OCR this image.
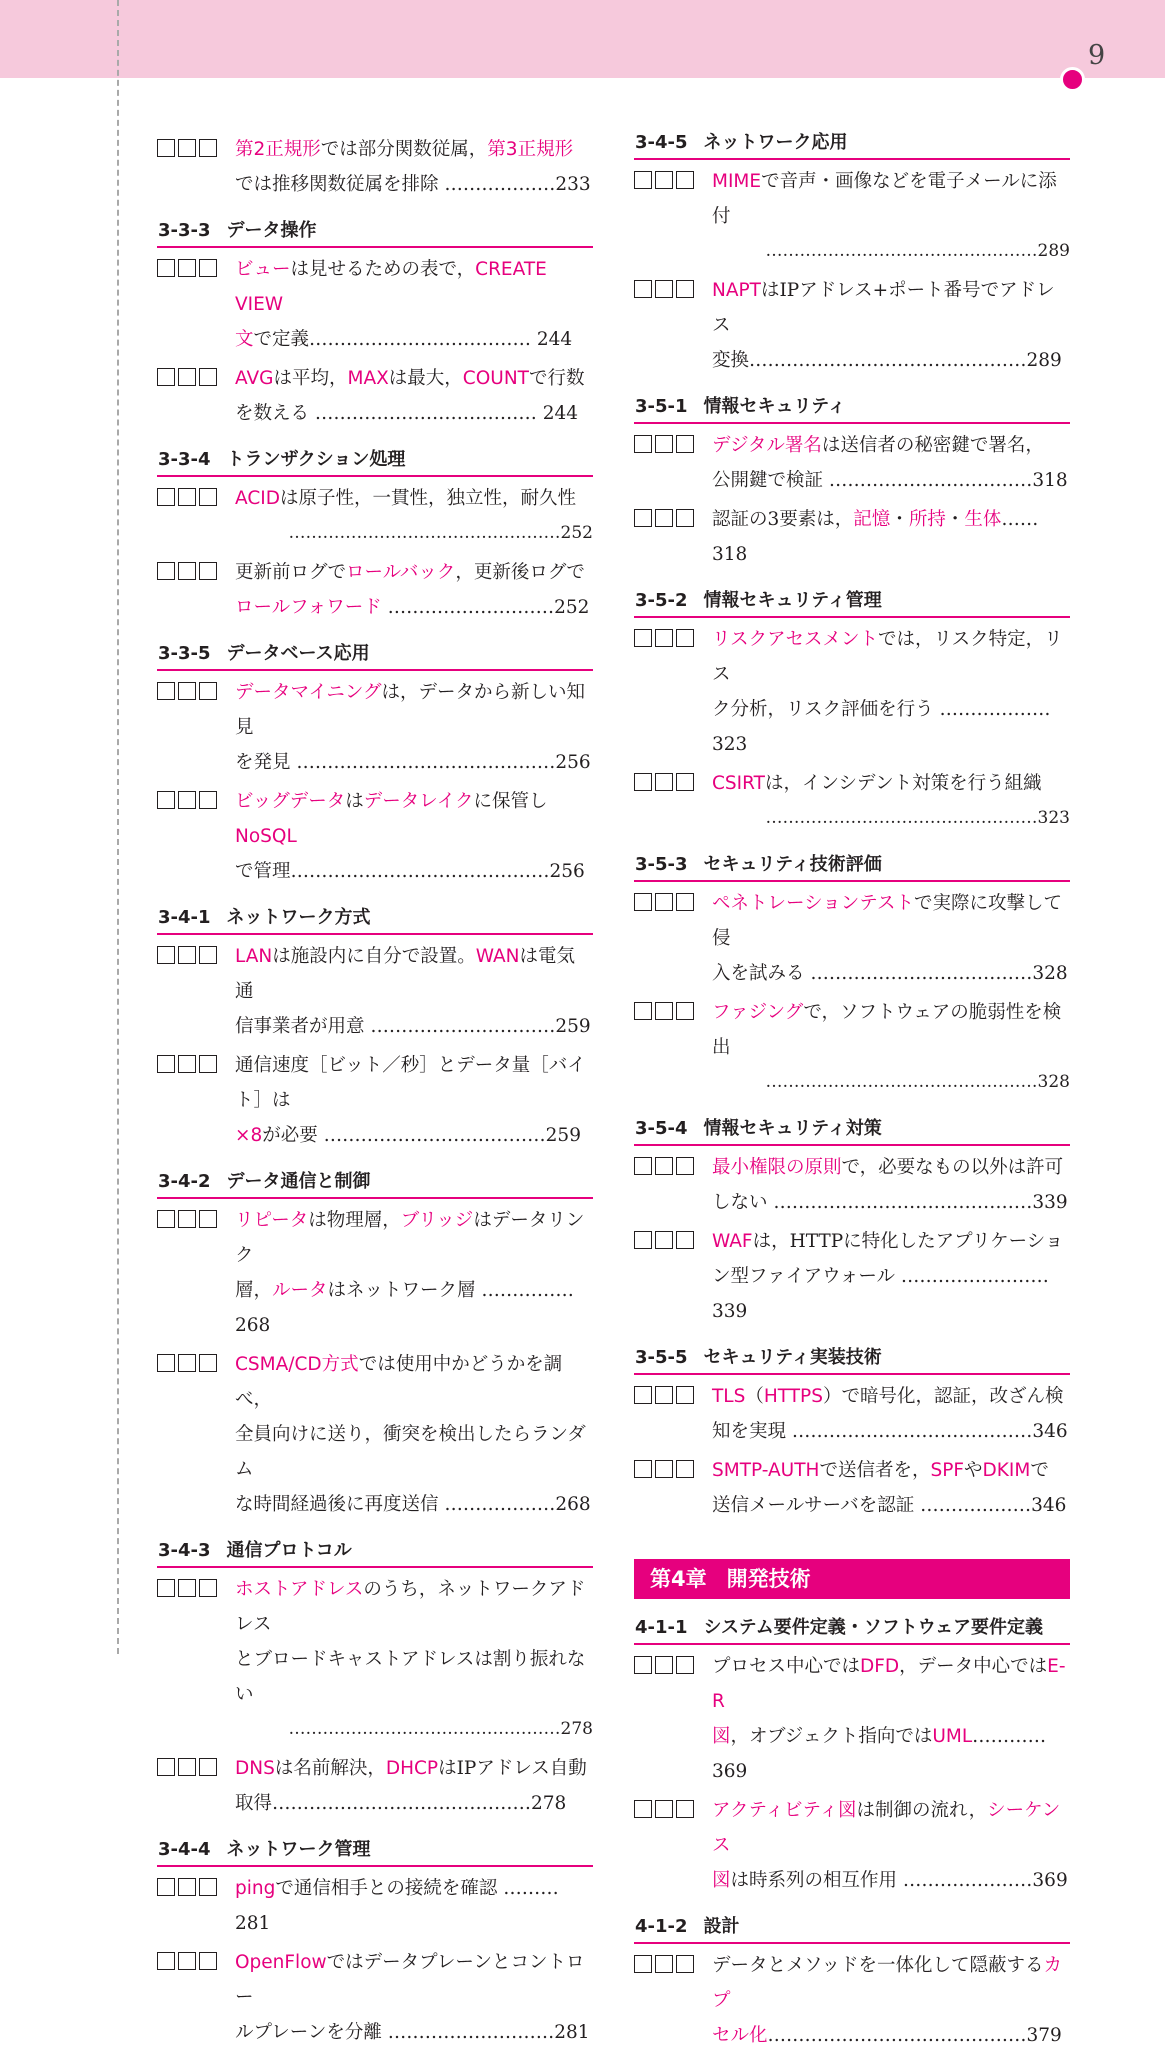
9
第2正規形では部分関数従属，第3正規形
では推移関数従属を排除 ………………233
3-3-3 データ操作
ビューは見せるための表で，CREATE VIEW
文で定義……………………………… 244
AVGは平均，MAXは最大，COUNTで行数
を数える ……………………………… 244
3-3-4 トランザクション処理
ACIDは原子性，一貫性，独立性，耐久性
…………………………………………252
更新前ログでロールバック，更新後ログで
ロールフォワード ………………………252
3-3-5 データベース応用
データマイニングは，データから新しい知見
を発見 ……………………………………256
ビッグデータはデータレイクに保管しNoSQL
で管理……………………………………256
3-4-1 ネットワーク方式
LANは施設内に自分で設置。WANは電気通
信事業者が用意 …………………………259
通信速度［ビット／秒］とデータ量［バイト］は
×8が必要 ………………………………259
3-4-2 データ通信と制御
リピータは物理層，ブリッジはデータリンク
層，ルータはネットワーク層 ……………268
CSMA/CD方式では使用中かどうかを調べ，
全員向けに送り，衝突を検出したらランダム
な時間経過後に再度送信 ………………268
3-4-3 通信プロトコル
ホストアドレスのうち，ネットワークアドレス
とブロードキャストアドレスは割り振れない
…………………………………………278
DNSは名前解決，DHCPはIPアドレス自動
取得……………………………………278
3-4-4 ネットワーク管理
pingで通信相手との接続を確認 ………281
OpenFlowではデータプレーンとコントロー
ルプレーンを分離 ………………………281
3-4-5 ネットワーク応用
MIMEで音声・画像などを電子メールに添付
…………………………………………289
NAPTはIPアドレス+ポート番号でアドレス
変換………………………………………289
3-5-1 情報セキュリティ
デジタル署名は送信者の秘密鍵で署名，
公開鍵で検証 ……………………………318
認証の3要素は，記憶・所持・生体……318
3-5-2 情報セキュリティ管理
リスクアセスメントでは，リスク特定，リス
ク分析，リスク評価を行う ………………323
CSIRTは，インシデント対策を行う組織
…………………………………………323
3-5-3 セキュリティ技術評価
ペネトレーションテストで実際に攻撃して侵
入を試みる ………………………………328
ファジングで，ソフトウェアの脆弱性を検出
…………………………………………328
3-5-4 情報セキュリティ対策
最小権限の原則で，必要なもの以外は許可
しない ……………………………………339
WAFは，HTTPに特化したアプリケーショ
ン型ファイアウォール ……………………339
3-5-5 セキュリティ実装技術
TLS（HTTPS）で暗号化，認証，改ざん検
知を実現 …………………………………346
SMTP-AUTHで送信者を，SPFやDKIMで
送信メールサーバを認証 ………………346
第4章 開発技術
4-1-1 システム要件定義・ソフトウェア要件定義
プロセス中心ではDFD，データ中心ではE-R
図，オブジェクト指向ではUML…………369
アクティビティ図は制御の流れ，シーケンス
図は時系列の相互作用 …………………369
4-1-2 設計
データとメソッドを一体化して隠蔽するカプ
セル化……………………………………379
